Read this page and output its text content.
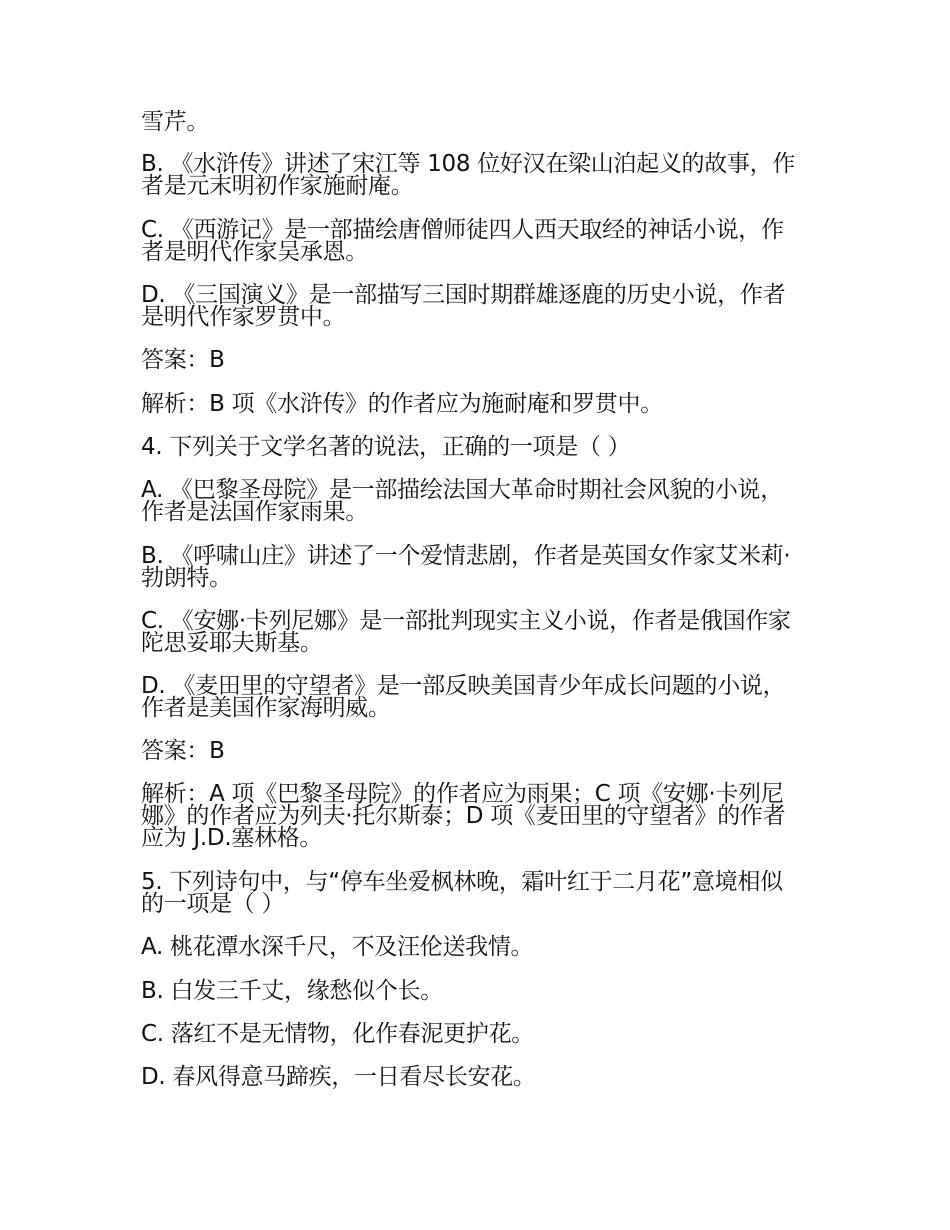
雪芹。

B. 《水浒传》讲述了宋江等 108 位好汉在梁山泊起义的故事，作者是元末明初作家施耐庵。

C. 《西游记》是一部描绘唐僧师徒四人西天取经的神话小说，作者是明代作家吴承恩。

D. 《三国演义》是一部描写三国时期群雄逐鹿的历史小说，作者是明代作家罗贯中。

答案：B

解析：B 项《水浒传》的作者应为施耐庵和罗贯中。

4. 下列关于文学名著的说法，正确的一项是（ ）

A. 《巴黎圣母院》是一部描绘法国大革命时期社会风貌的小说，作者是法国作家雨果。

B. 《呼啸山庄》讲述了一个爱情悲剧，作者是英国女作家艾米莉·勃朗特。

C. 《安娜·卡列尼娜》是一部批判现实主义小说，作者是俄国作家陀思妥耶夫斯基。

D. 《麦田里的守望者》是一部反映美国青少年成长问题的小说，作者是美国作家海明威。

答案：B

解析：A 项《巴黎圣母院》的作者应为雨果；C 项《安娜·卡列尼娜》的作者应为列夫·托尔斯泰；D 项《麦田里的守望者》的作者应为 J.D.塞林格。

5. 下列诗句中，与“停车坐爱枫林晚，霜叶红于二月花”意境相似的一项是（ ）

A. 桃花潭水深千尺，不及汪伦送我情。

B. 白发三千丈，缘愁似个长。

C. 落红不是无情物，化作春泥更护花。

D. 春风得意马蹄疾，一日看尽长安花。
